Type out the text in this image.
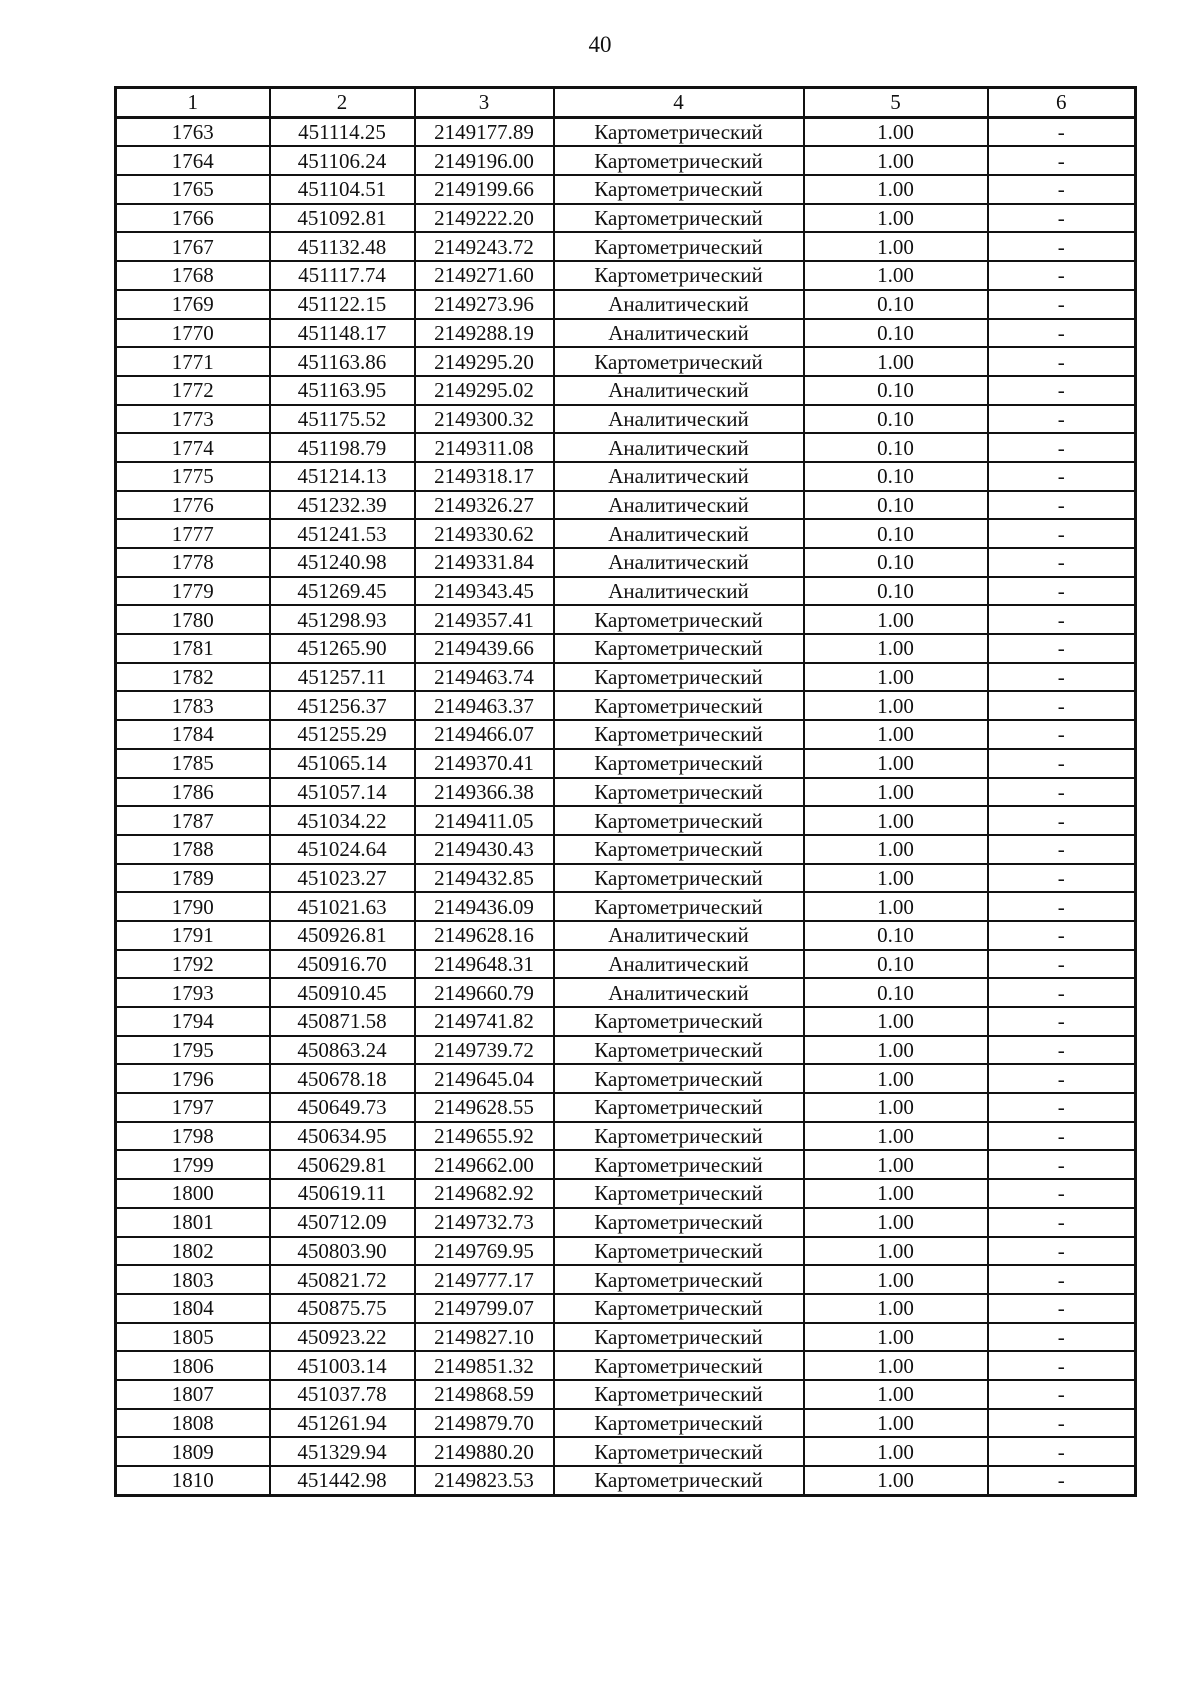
40
1	2	3	4	5	6
1763	451114.25	2149177.89	Картометрический	1.00	-
1764	451106.24	2149196.00	Картометрический	1.00	-
1765	451104.51	2149199.66	Картометрический	1.00	-
1766	451092.81	2149222.20	Картометрический	1.00	-
1767	451132.48	2149243.72	Картометрический	1.00	-
1768	451117.74	2149271.60	Картометрический	1.00	-
1769	451122.15	2149273.96	Аналитический	0.10	-
1770	451148.17	2149288.19	Аналитический	0.10	-
1771	451163.86	2149295.20	Картометрический	1.00	-
1772	451163.95	2149295.02	Аналитический	0.10	-
1773	451175.52	2149300.32	Аналитический	0.10	-
1774	451198.79	2149311.08	Аналитический	0.10	-
1775	451214.13	2149318.17	Аналитический	0.10	-
1776	451232.39	2149326.27	Аналитический	0.10	-
1777	451241.53	2149330.62	Аналитический	0.10	-
1778	451240.98	2149331.84	Аналитический	0.10	-
1779	451269.45	2149343.45	Аналитический	0.10	-
1780	451298.93	2149357.41	Картометрический	1.00	-
1781	451265.90	2149439.66	Картометрический	1.00	-
1782	451257.11	2149463.74	Картометрический	1.00	-
1783	451256.37	2149463.37	Картометрический	1.00	-
1784	451255.29	2149466.07	Картометрический	1.00	-
1785	451065.14	2149370.41	Картометрический	1.00	-
1786	451057.14	2149366.38	Картометрический	1.00	-
1787	451034.22	2149411.05	Картометрический	1.00	-
1788	451024.64	2149430.43	Картометрический	1.00	-
1789	451023.27	2149432.85	Картометрический	1.00	-
1790	451021.63	2149436.09	Картометрический	1.00	-
1791	450926.81	2149628.16	Аналитический	0.10	-
1792	450916.70	2149648.31	Аналитический	0.10	-
1793	450910.45	2149660.79	Аналитический	0.10	-
1794	450871.58	2149741.82	Картометрический	1.00	-
1795	450863.24	2149739.72	Картометрический	1.00	-
1796	450678.18	2149645.04	Картометрический	1.00	-
1797	450649.73	2149628.55	Картометрический	1.00	-
1798	450634.95	2149655.92	Картометрический	1.00	-
1799	450629.81	2149662.00	Картометрический	1.00	-
1800	450619.11	2149682.92	Картометрический	1.00	-
1801	450712.09	2149732.73	Картометрический	1.00	-
1802	450803.90	2149769.95	Картометрический	1.00	-
1803	450821.72	2149777.17	Картометрический	1.00	-
1804	450875.75	2149799.07	Картометрический	1.00	-
1805	450923.22	2149827.10	Картометрический	1.00	-
1806	451003.14	2149851.32	Картометрический	1.00	-
1807	451037.78	2149868.59	Картометрический	1.00	-
1808	451261.94	2149879.70	Картометрический	1.00	-
1809	451329.94	2149880.20	Картометрический	1.00	-
1810	451442.98	2149823.53	Картометрический	1.00	-
